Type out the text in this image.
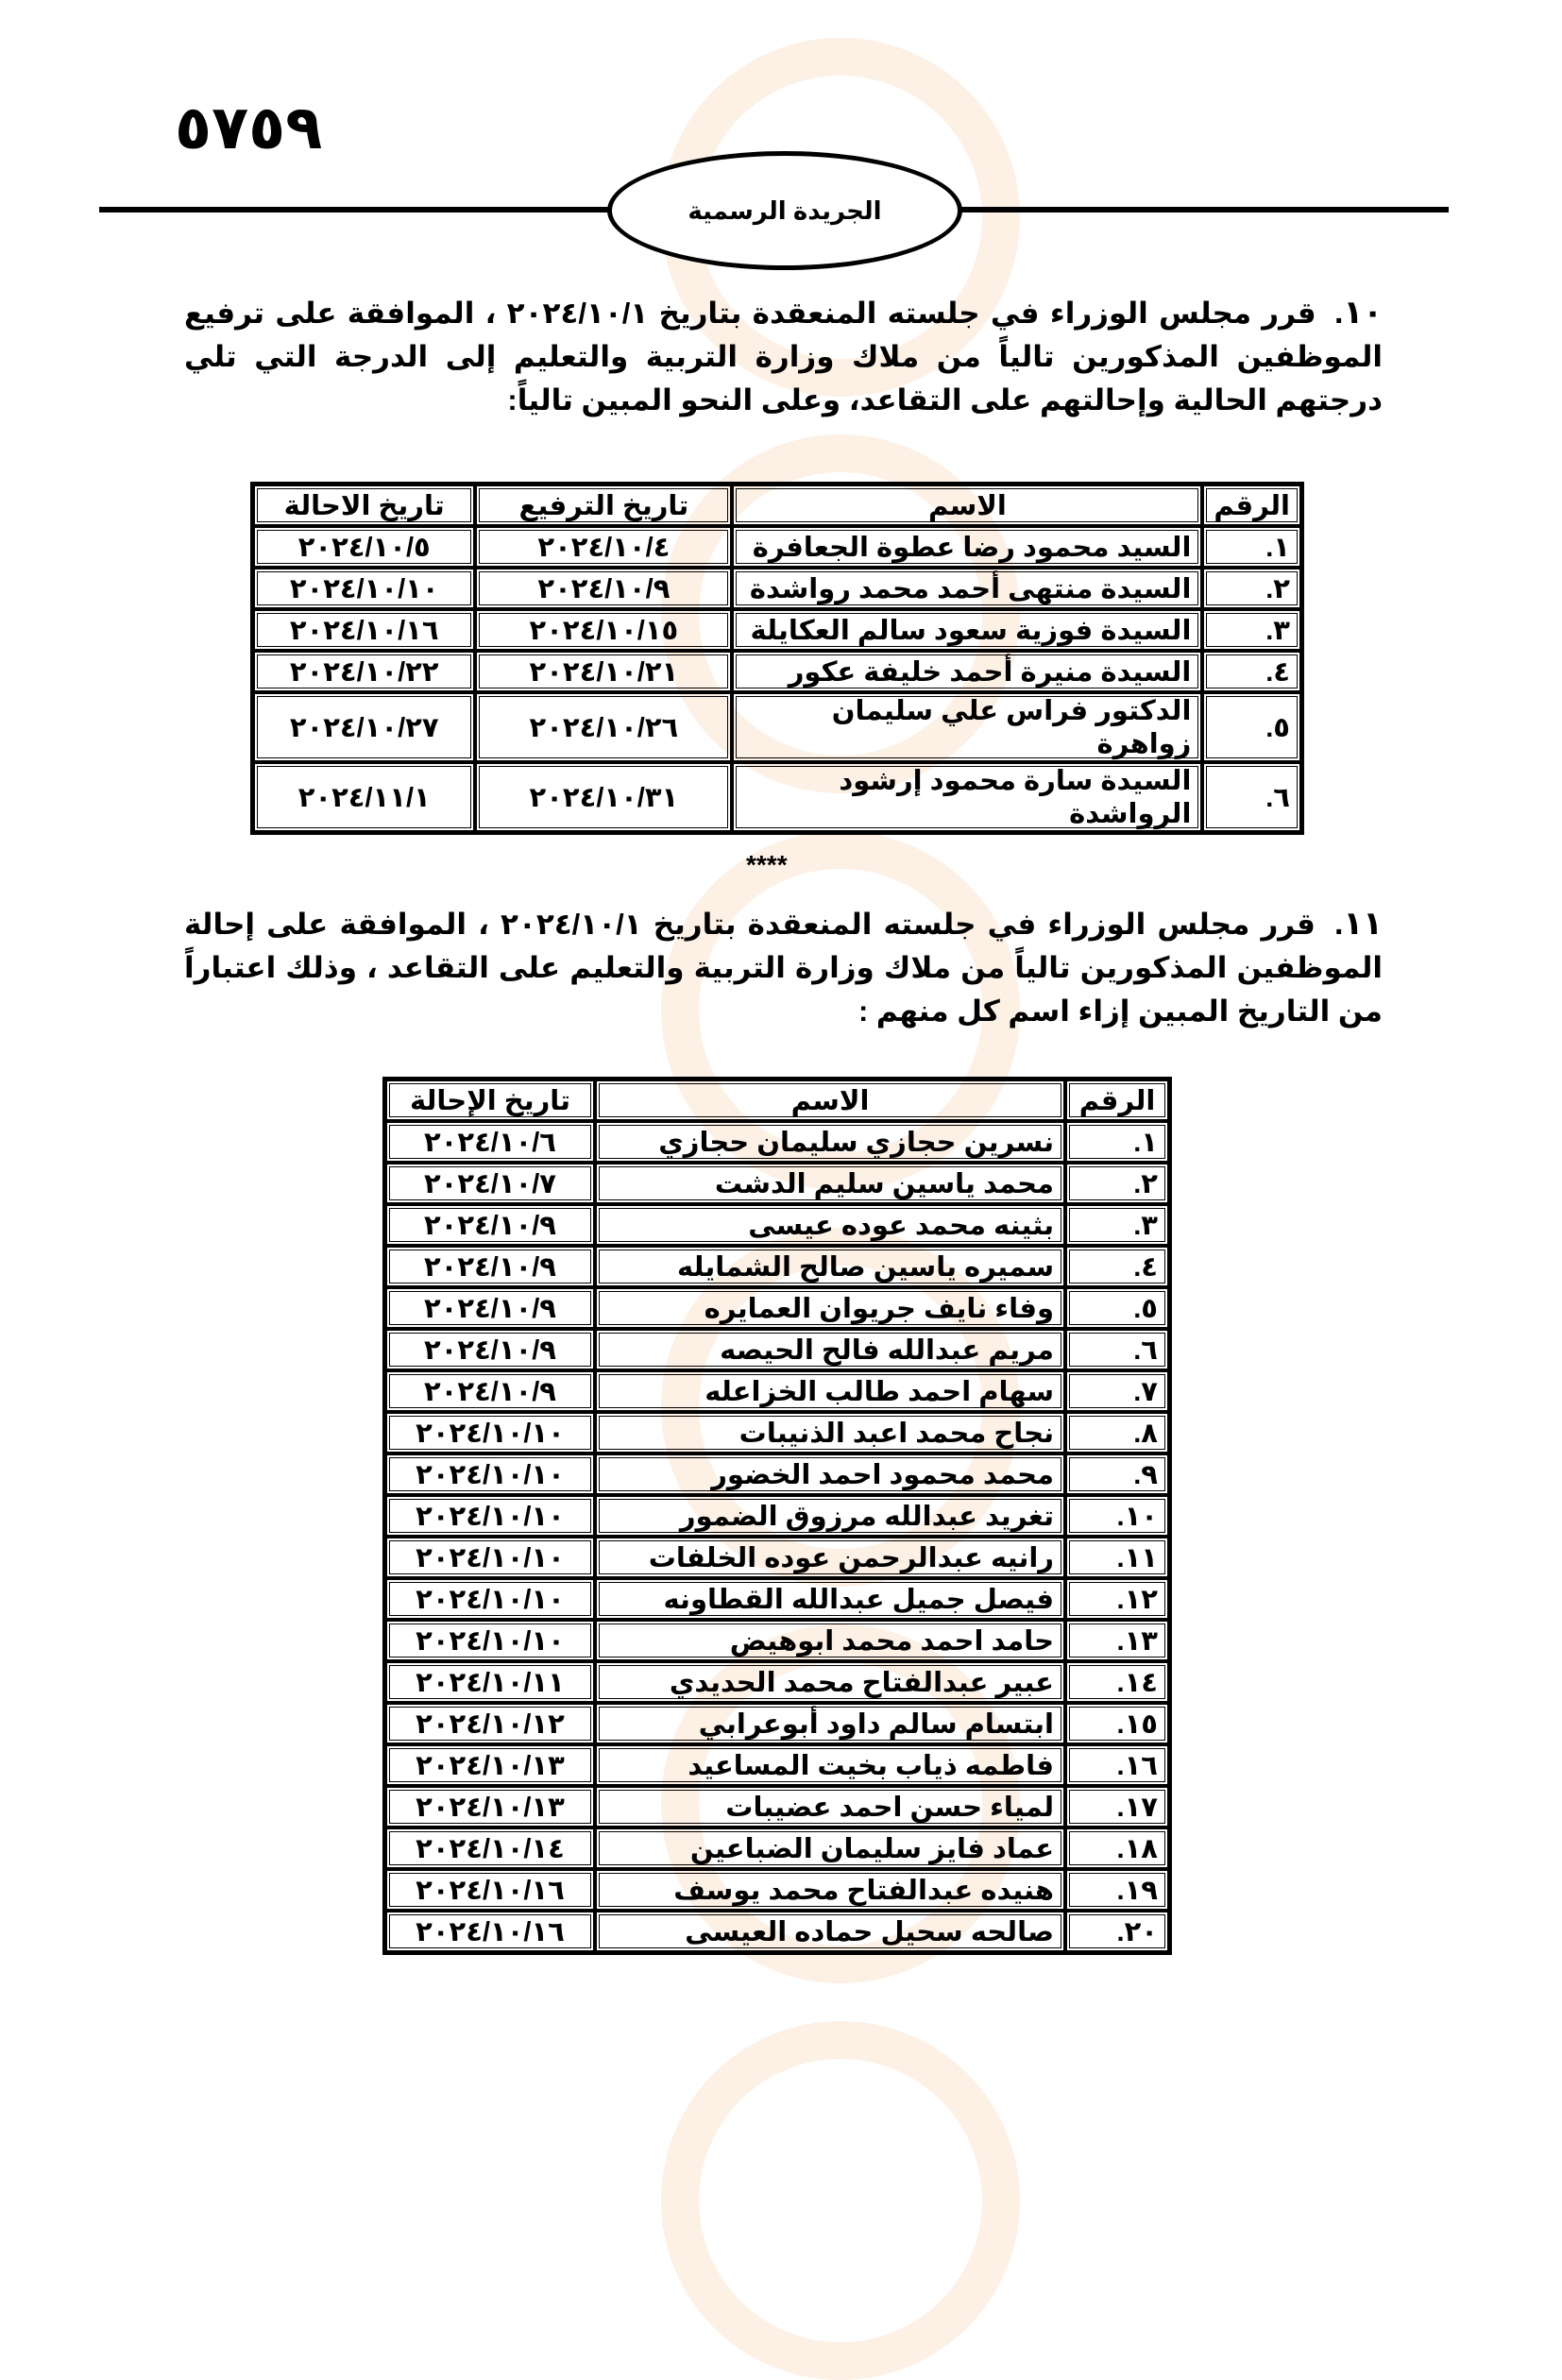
٥٧٥٩
الجريدة الرسمية
١٠. قرر مجلس الوزراء في جلسته المنعقدة بتاريخ ٢٠٢٤/١٠/١ ، الموافقة على ترفيع الموظفين المذكورين تالياً من ملاك وزارة التربية والتعليم إلى الدرجة التي تلي درجتهم الحالية وإحالتهم على التقاعد، وعلى النحو المبين تالياً:
الرقم	الاسم	تاريخ الترفيع	تاريخ الاحالة
١.	السيد محمود رضا عطوة الجعافرة	٢٠٢٤/١٠/٤	٢٠٢٤/١٠/٥
٢.	السيدة منتهى أحمد محمد رواشدة	٢٠٢٤/١٠/٩	٢٠٢٤/١٠/١٠
٣.	السيدة فوزية سعود سالم العكايلة	٢٠٢٤/١٠/١٥	٢٠٢٤/١٠/١٦
٤.	السيدة منيرة أحمد خليفة عكور	٢٠٢٤/١٠/٢١	٢٠٢٤/١٠/٢٢
٥.	الدكتور فراس علي سليمان زواهرة	٢٠٢٤/١٠/٢٦	٢٠٢٤/١٠/٢٧
٦.	السيدة سارة محمود إرشود الرواشدة	٢٠٢٤/١٠/٣١	٢٠٢٤/١١/١
****
١١. قرر مجلس الوزراء في جلسته المنعقدة بتاريخ ٢٠٢٤/١٠/١ ، الموافقة على إحالة الموظفين المذكورين تالياً من ملاك وزارة التربية والتعليم على التقاعد ، وذلك اعتباراً من التاريخ المبين إزاء اسم كل منهم :
الرقم	الاسم	تاريخ الإحالة
١.	نسرين حجازي سليمان حجازي	٢٠٢٤/١٠/٦
٢.	محمد ياسين سليم الدشت	٢٠٢٤/١٠/٧
٣.	بثينه محمد عوده عيسى	٢٠٢٤/١٠/٩
٤.	سميره ياسين صالح الشمايله	٢٠٢٤/١٠/٩
٥.	وفاء نايف جريوان العمايره	٢٠٢٤/١٠/٩
٦.	مريم عبدالله فالح الحيصه	٢٠٢٤/١٠/٩
٧.	سهام احمد طالب الخزاعله	٢٠٢٤/١٠/٩
٨.	نجاح محمد اعبد الذنيبات	٢٠٢٤/١٠/١٠
٩.	محمد محمود احمد الخضور	٢٠٢٤/١٠/١٠
١٠.	تغريد عبدالله مرزوق الضمور	٢٠٢٤/١٠/١٠
١١.	رانيه عبدالرحمن عوده الخلفات	٢٠٢٤/١٠/١٠
١٢.	فيصل جميل عبدالله القطاونه	٢٠٢٤/١٠/١٠
١٣.	حامد احمد محمد ابوهيض	٢٠٢٤/١٠/١٠
١٤.	عبير عبدالفتاح محمد الحديدي	٢٠٢٤/١٠/١١
١٥.	ابتسام سالم داود أبوعرابي	٢٠٢٤/١٠/١٢
١٦.	فاطمه ذياب بخيت المساعيد	٢٠٢٤/١٠/١٣
١٧.	لمياء حسن احمد عضيبات	٢٠٢٤/١٠/١٣
١٨.	عماد فايز سليمان الضباعين	٢٠٢٤/١٠/١٤
١٩.	هنيده عبدالفتاح محمد يوسف	٢٠٢٤/١٠/١٦
٢٠.	صالحه سحيل حماده العيسى	٢٠٢٤/١٠/١٦
